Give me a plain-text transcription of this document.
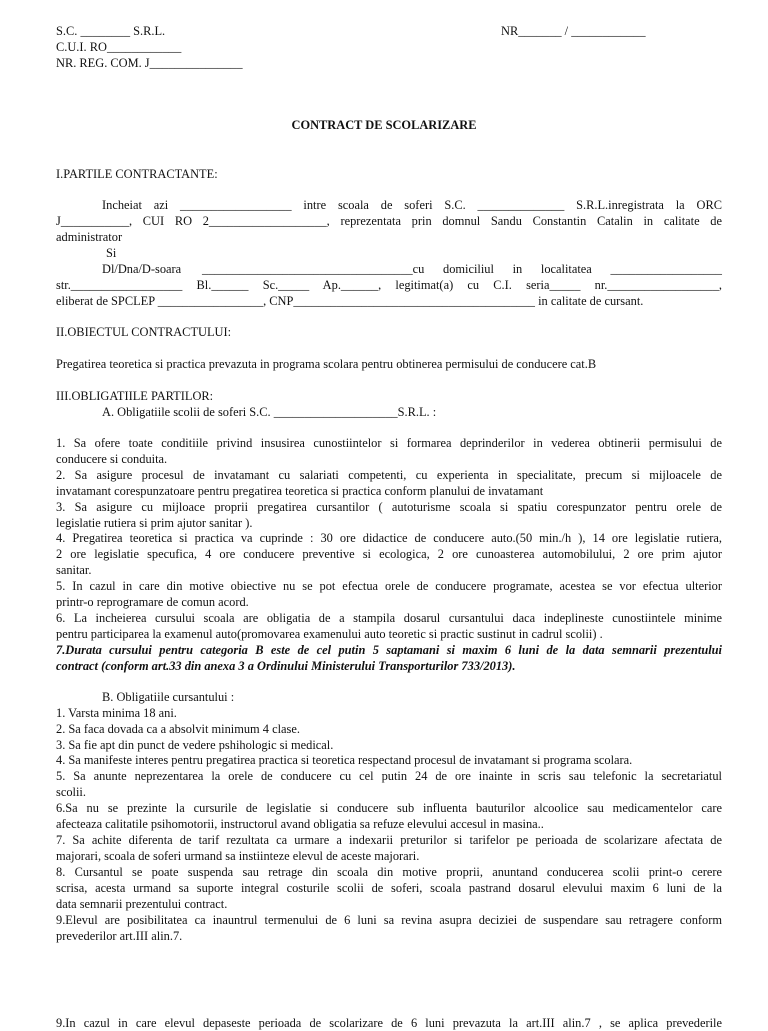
S.C. ________ S.R.L.	NR_______ / ____________
C.U.I. RO____________
NR. REG. COM. J_______________
CONTRACT DE SCOLARIZARE
I.PARTILE CONTRACTANTE:
Incheiat azi __________________ intre scoala de soferi S.C. ______________ S.R.L.inregistrata la ORC
J___________, CUI RO 2___________________, reprezentata prin domnul Sandu Constantin Catalin in calitate de
administrator
Si
Dl/Dna/D-soara __________________________________cu domiciliul in localitatea __________________
str.__________________ Bl.______ Sc._____ Ap.______, legitimat(a) cu C.I. seria_____ nr.__________________,
eliberat de SPCLEP _________________, CNP_______________________________________ in calitate de cursant.
II.OBIECTUL CONTRACTULUI:
Pregatirea teoretica si practica prevazuta in programa scolara pentru obtinerea permisului de conducere cat.B
III.OBLIGATIILE PARTILOR:
A. Obligatiile scolii de soferi S.C. ____________________S.R.L. :
1. Sa ofere toate conditiile privind insusirea cunostiintelor si formarea deprinderilor in vederea obtinerii permisului de
conducere si conduita.
2. Sa asigure procesul de invatamant cu salariati competenti, cu experienta in specialitate, precum si mijloacele de
invatamant corespunzatoare pentru pregatirea teoretica si practica conform planului de invatamant
3. Sa asigure cu mijloace proprii pregatirea cursantilor ( autoturisme scoala si spatiu corespunzator pentru orele de
legislatie rutiera si prim ajutor sanitar ).
4. Pregatirea teoretica si practica va cuprinde : 30 ore didactice de conducere auto.(50 min./h ), 14 ore legislatie rutiera,
2 ore legislatie specufica, 4 ore conducere preventive si ecologica, 2 ore cunoasterea automobilului, 2 ore prim ajutor
sanitar.
5. In cazul in care din motive obiective nu se pot efectua orele de conducere programate, acestea se vor efectua ulterior
printr-o reprogramare de comun acord.
6. La incheierea cursului scoala are obligatia de a stampila dosarul cursantului daca indeplineste cunostiintele minime
pentru participarea la examenul auto(promovarea examenului auto teoretic si practic sustinut in cadrul scolii) .
7.Durata cursului pentru categoria B este de cel putin 5 saptamani si maxim 6 luni de la data semnarii prezentului
contract (conform art.33 din anexa 3 a Ordinului Ministerului Transporturilor 733/2013).
B. Obligatiile cursantului :
1. Varsta minima 18 ani.
2. Sa faca dovada ca a absolvit minimum 4 clase.
3. Sa fie apt din punct de vedere pshihologic si medical.
4. Sa manifeste interes pentru pregatirea practica si teoretica respectand procesul de invatamant si programa scolara.
5. Sa anunte neprezentarea la orele de conducere cu cel putin 24 de ore inainte in scris sau telefonic la secretariatul
scolii.
6.Sa nu se prezinte la cursurile de legislatie si conducere sub influenta bauturilor alcoolice sau medicamentelor care
afecteaza calitatile psihomotorii, instructorul avand obligatia sa refuze elevului accesul in masina..
7. Sa achite diferenta de tarif rezultata ca urmare a indexarii preturilor si tarifelor pe perioada de scolarizare afectata de
majorari, scoala de soferi urmand sa instiinteze elevul de aceste majorari.
8. Cursantul se poate suspenda sau retrage din scoala din motive proprii, anuntand conducerea scolii print-o cerere
scrisa, acesta urmand sa suporte integral costurile scolii de soferi, scoala pastrand dosarul elevului maxim 6 luni de la
data semnarii prezentului contract.
9.Elevul are posibilitatea ca inauntrul termenului de 6 luni sa revina asupra deciziei de suspendare sau retragere conform
prevederilor art.III alin.7.
9.In cazul in care elevul depaseste perioada de scolarizare de 6 luni prevazuta la art.III alin.7 , se aplica prevederile
